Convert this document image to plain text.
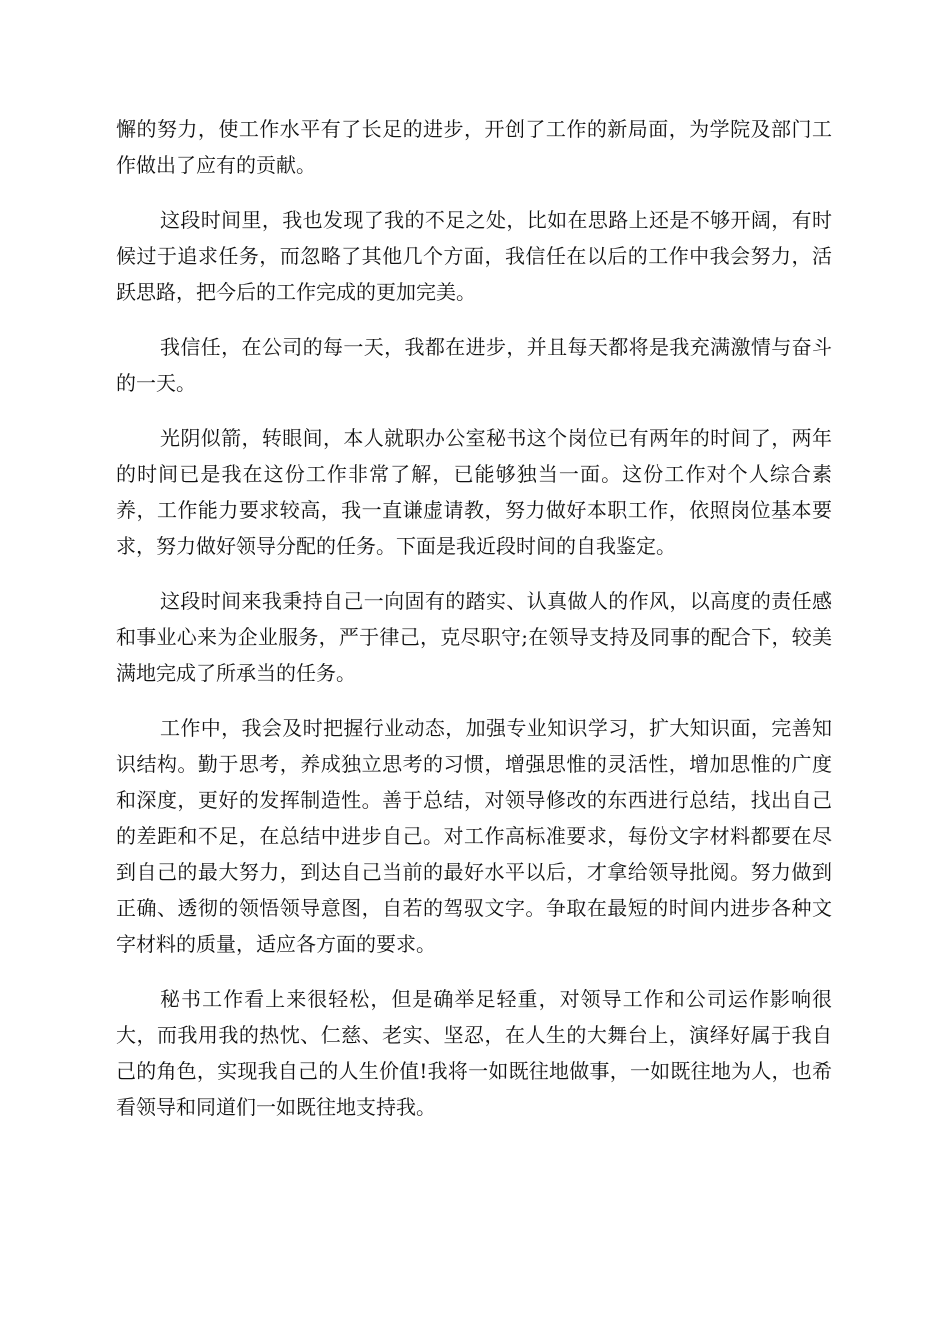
懈的努力，使工作水平有了长足的进步，开创了工作的新局面，为学院及部门工作做出了应有的贡献。

这段时间里，我也发现了我的不足之处，比如在思路上还是不够开阔，有时候过于追求任务，而忽略了其他几个方面，我信任在以后的工作中我会努力，活跃思路，把今后的工作完成的更加完美。

我信任，在公司的每一天，我都在进步，并且每天都将是我充满激情与奋斗的一天。

光阴似箭，转眼间，本人就职办公室秘书这个岗位已有两年的时间了，两年的时间已是我在这份工作非常了解，已能够独当一面。这份工作对个人综合素养，工作能力要求较高，我一直谦虚请教，努力做好本职工作，依照岗位基本要求，努力做好领导分配的任务。下面是我近段时间的自我鉴定。

这段时间来我秉持自己一向固有的踏实、认真做人的作风，以高度的责任感和事业心来为企业服务，严于律己，克尽职守;在领导支持及同事的配合下，较美满地完成了所承当的任务。

工作中，我会及时把握行业动态，加强专业知识学习，扩大知识面，完善知识结构。勤于思考，养成独立思考的习惯，增强思惟的灵活性，增加思惟的广度和深度，更好的发挥制造性。善于总结，对领导修改的东西进行总结，找出自己的差距和不足，在总结中进步自己。对工作高标准要求，每份文字材料都要在尽到自己的最大努力，到达自己当前的最好水平以后，才拿给领导批阅。努力做到正确、透彻的领悟领导意图，自若的驾驭文字。争取在最短的时间内进步各种文字材料的质量，适应各方面的要求。

秘书工作看上来很轻松，但是确举足轻重，对领导工作和公司运作影响很大，而我用我的热忱、仁慈、老实、坚忍，在人生的大舞台上，演绎好属于我自己的角色，实现我自己的人生价值!我将一如既往地做事，一如既往地为人，也希看领导和同道们一如既往地支持我。
